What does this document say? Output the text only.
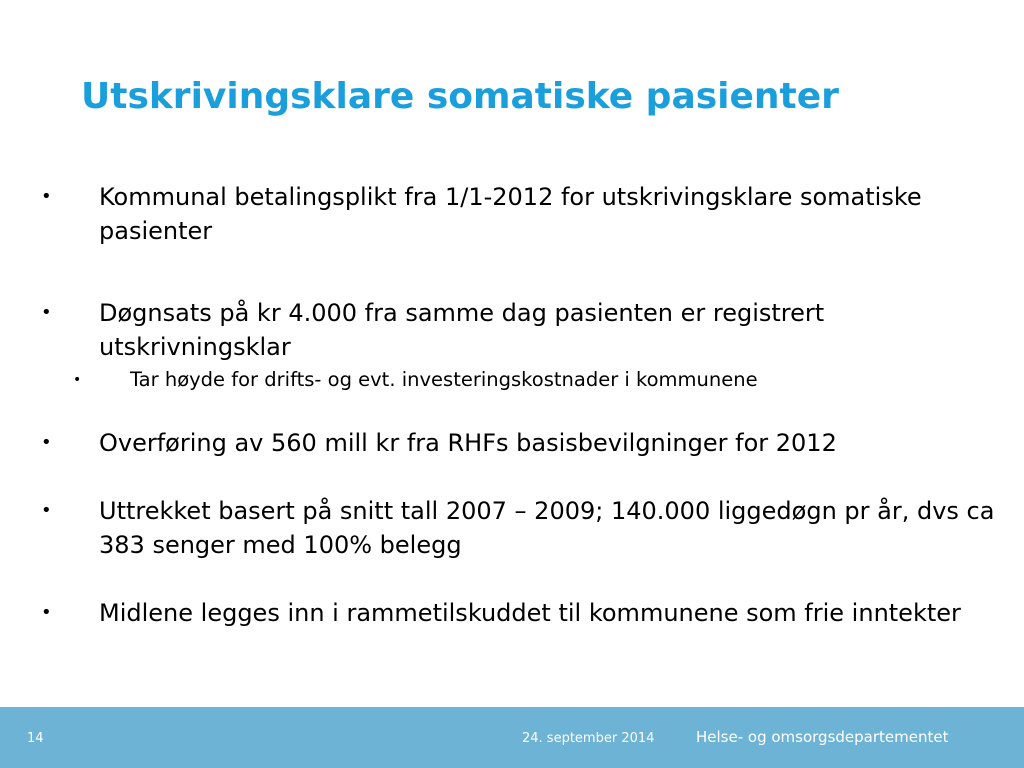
Utskrivingsklare somatiske pasienter
• Kommunal betalingsplikt fra 1/1-2012 for utskrivingsklare somatiske pasienter
• Døgnsats på kr 4.000 fra samme dag pasienten er registrert utskrivningsklar
• Tar høyde for drifts- og evt. investeringskostnader i kommunene
• Overføring av 560 mill kr fra RHFs basisbevilgninger for 2012
• Uttrekket basert på snitt tall 2007 – 2009; 140.000 liggedøgn pr år, dvs ca 383 senger med 100% belegg
• Midlene legges inn i rammetilskuddet til kommunene som frie inntekter
14	24. september 2014	Helse- og omsorgsdepartementet
